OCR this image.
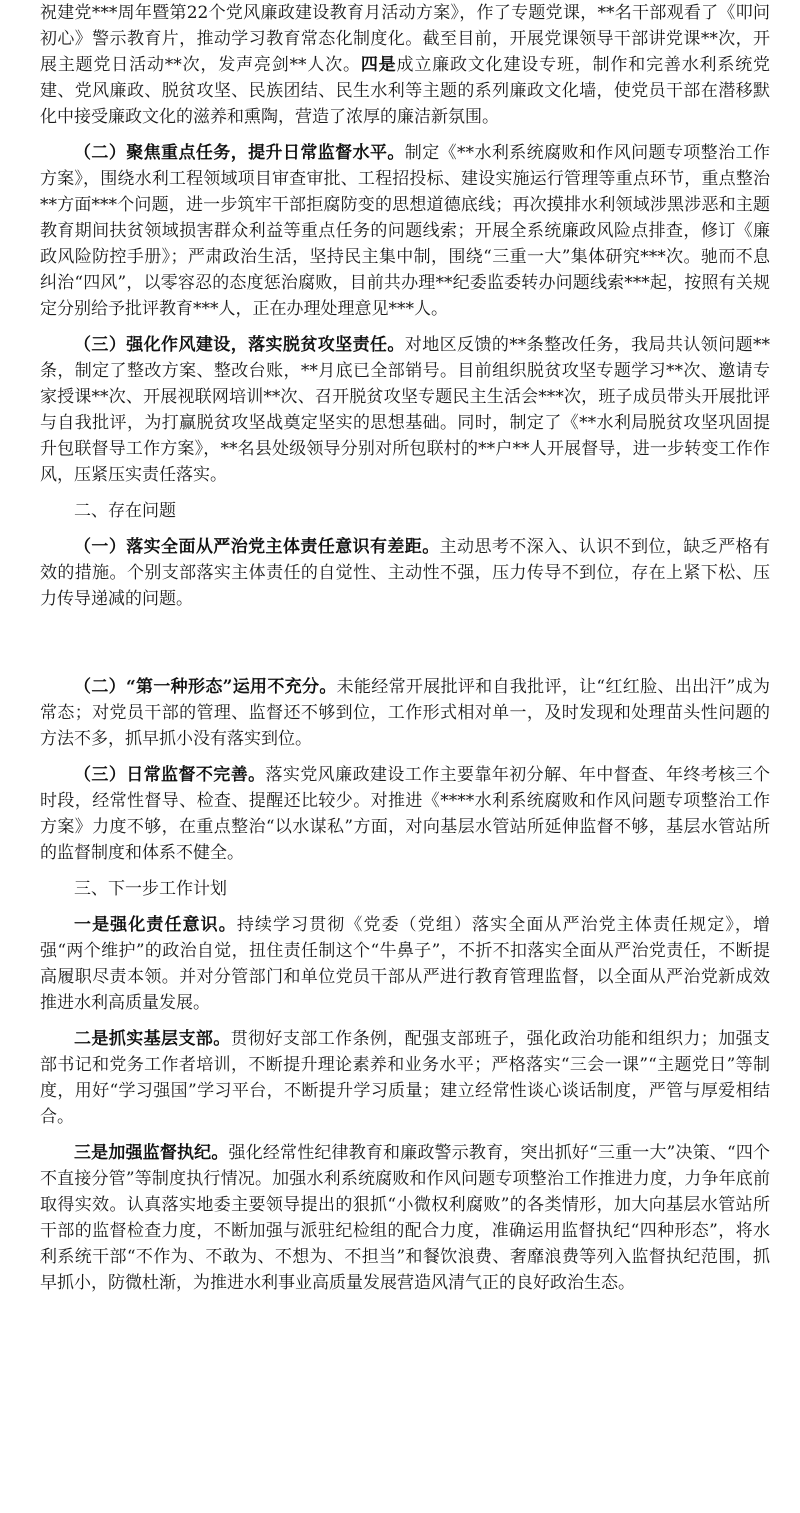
祝建党***周年暨第22个党风廉政建设教育月活动方案》，作了专题党课，**名干部观看了《叩问初心》警示教育片，推动学习教育常态化制度化。截至目前，开展党课领导干部讲党课**次，开展主题党日活动**次，发声亮剑**人次。四是成立廉政文化建设专班，制作和完善水利系统党建、党风廉政、脱贫攻坚、民族团结、民生水利等主题的系列廉政文化墙，使党员干部在潜移默化中接受廉政文化的滋养和熏陶，营造了浓厚的廉洁新氛围。

（二）聚焦重点任务，提升日常监督水平。制定《**水利系统腐败和作风问题专项整治工作方案》，围绕水利工程领域项目审查审批、工程招投标、建设实施运行管理等重点环节，重点整治**方面***个问题，进一步筑牢干部拒腐防变的思想道德底线；再次摸排水利领域涉黑涉恶和主题教育期间扶贫领域损害群众利益等重点任务的问题线索；开展全系统廉政风险点排查，修订《廉政风险防控手册》；严肃政治生活，坚持民主集中制，围绕“三重一大”集体研究***次。驰而不息纠治“四风”，以零容忍的态度惩治腐败，目前共办理**纪委监委转办问题线索***起，按照有关规定分别给予批评教育***人，正在办理处理意见***人。

（三）强化作风建设，落实脱贫攻坚责任。对地区反馈的**条整改任务，我局共认领问题**条，制定了整改方案、整改台账，**月底已全部销号。目前组织脱贫攻坚专题学习**次、邀请专家授课**次、开展视联网培训**次、召开脱贫攻坚专题民主生活会***次，班子成员带头开展批评与自我批评，为打赢脱贫攻坚战奠定坚实的思想基础。同时，制定了《**水利局脱贫攻坚巩固提升包联督导工作方案》，**名县处级领导分别对所包联村的**户**人开展督导，进一步转变工作作风，压紧压实责任落实。

二、存在问题

（一）落实全面从严治党主体责任意识有差距。主动思考不深入、认识不到位，缺乏严格有效的措施。个别支部落实主体责任的自觉性、主动性不强，压力传导不到位，存在上紧下松、压力传导递减的问题。

（二）“第一种形态”运用不充分。未能经常开展批评和自我批评，让“红红脸、出出汗”成为常态；对党员干部的管理、监督还不够到位，工作形式相对单一，及时发现和处理苗头性问题的方法不多，抓早抓小没有落实到位。

（三）日常监督不完善。落实党风廉政建设工作主要靠年初分解、年中督查、年终考核三个时段，经常性督导、检查、提醒还比较少。对推进《****水利系统腐败和作风问题专项整治工作方案》力度不够，在重点整治“以水谋私”方面，对向基层水管站所延伸监督不够，基层水管站所的监督制度和体系不健全。

三、下一步工作计划

一是强化责任意识。持续学习贯彻《党委（党组）落实全面从严治党主体责任规定》，增强“两个维护”的政治自觉，扭住责任制这个“牛鼻子”，不折不扣落实全面从严治党责任，不断提高履职尽责本领。并对分管部门和单位党员干部从严进行教育管理监督，以全面从严治党新成效推进水利高质量发展。

二是抓实基层支部。贯彻好支部工作条例，配强支部班子，强化政治功能和组织力；加强支部书记和党务工作者培训，不断提升理论素养和业务水平；严格落实“三会一课”“主题党日”等制度，用好“学习强国”学习平台，不断提升学习质量；建立经常性谈心谈话制度，严管与厚爱相结合。

三是加强监督执纪。强化经常性纪律教育和廉政警示教育，突出抓好“三重一大”决策、“四个不直接分管”等制度执行情况。加强水利系统腐败和作风问题专项整治工作推进力度，力争年底前取得实效。认真落实地委主要领导提出的狠抓“小微权利腐败”的各类情形，加大向基层水管站所干部的监督检查力度，不断加强与派驻纪检组的配合力度，准确运用监督执纪“四种形态”，将水利系统干部“不作为、不敢为、不想为、不担当”和餐饮浪费、奢靡浪费等列入监督执纪范围，抓早抓小，防微杜渐，为推进水利事业高质量发展营造风清气正的良好政治生态。
